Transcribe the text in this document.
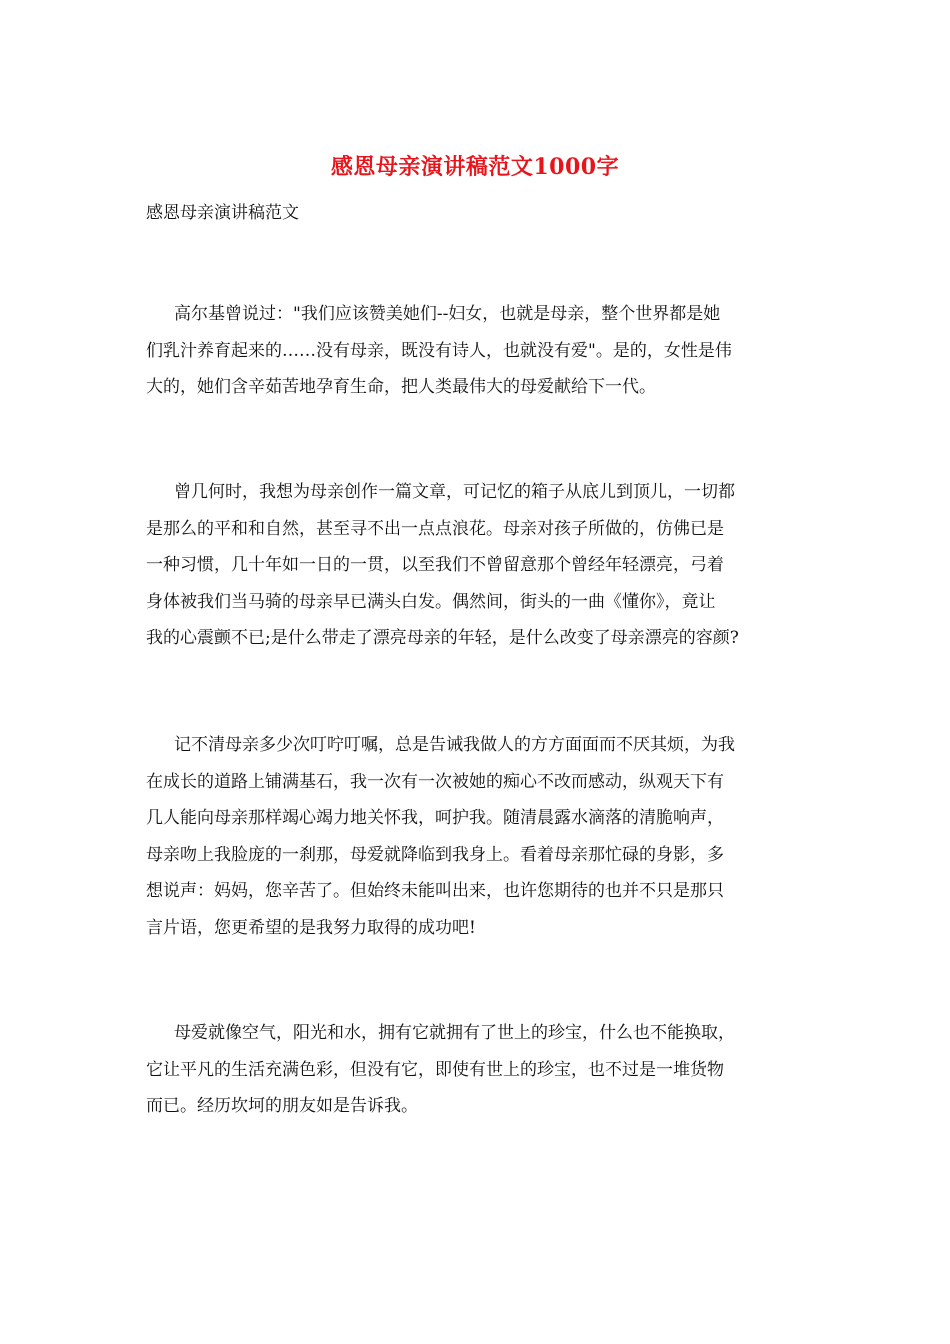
感恩母亲演讲稿范文1000字

感恩母亲演讲稿范文

高尔基曾说过："我们应该赞美她们--妇女，也就是母亲，整个世界都是她
们乳汁养育起来的……没有母亲，既没有诗人，也就没有爱"。是的，女性是伟
大的，她们含辛茹苦地孕育生命，把人类最伟大的母爱献给下一代。

曾几何时，我想为母亲创作一篇文章，可记忆的箱子从底儿到顶儿，一切都
是那么的平和和自然，甚至寻不出一点点浪花。母亲对孩子所做的，仿佛已是
一种习惯，几十年如一日的一贯，以至我们不曾留意那个曾经年轻漂亮，弓着
身体被我们当马骑的母亲早已满头白发。偶然间，街头的一曲《懂你》，竟让
我的心震颤不已;是什么带走了漂亮母亲的年轻，是什么改变了母亲漂亮的容颜?

记不清母亲多少次叮咛叮嘱，总是告诫我做人的方方面面而不厌其烦，为我
在成长的道路上铺满基石，我一次有一次被她的痴心不改而感动，纵观天下有
几人能向母亲那样竭心竭力地关怀我，呵护我。随清晨露水滴落的清脆响声，
母亲吻上我脸庞的一刹那，母爱就降临到我身上。看着母亲那忙碌的身影，多
想说声：妈妈，您辛苦了。但始终未能叫出来，也许您期待的也并不只是那只
言片语，您更希望的是我努力取得的成功吧!

母爱就像空气，阳光和水，拥有它就拥有了世上的珍宝，什么也不能换取，
它让平凡的生活充满色彩，但没有它，即使有世上的珍宝，也不过是一堆货物
而已。经历坎坷的朋友如是告诉我。
